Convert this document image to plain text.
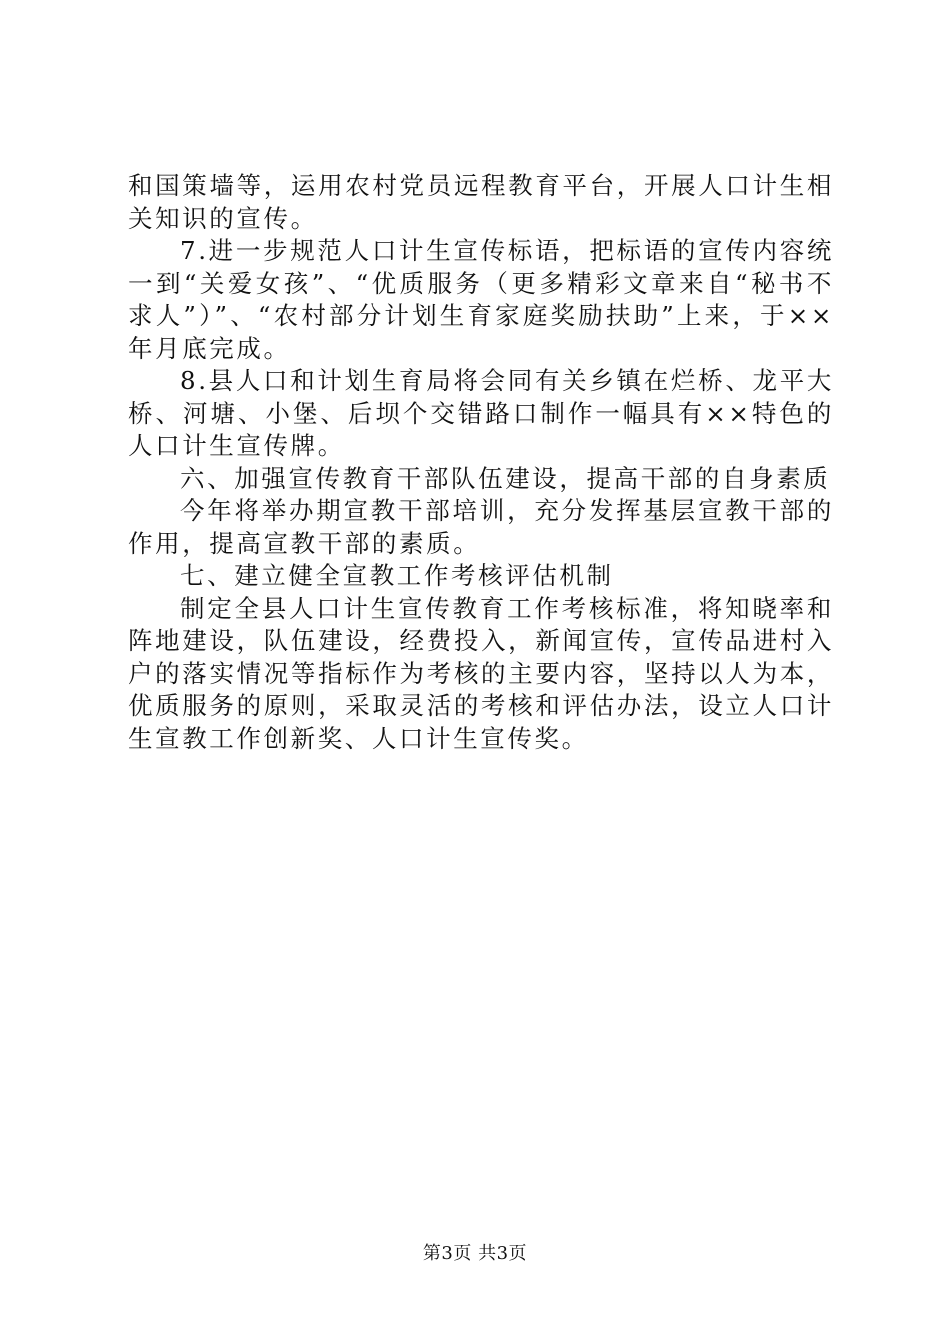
和国策墙等，运用农村党员远程教育平台，开展人口计生相关知识的宣传。

7.进一步规范人口计生宣传标语，把标语的宣传内容统一到“关爱女孩”、“优质服务（更多精彩文章来自“秘书不求人”）”、“农村部分计划生育家庭奖励扶助”上来，于××年月底完成。

8.县人口和计划生育局将会同有关乡镇在烂桥、龙平大桥、河塘、小堡、后坝个交错路口制作一幅具有××特色的人口计生宣传牌。

六、加强宣传教育干部队伍建设，提高干部的自身素质

今年将举办期宣教干部培训，充分发挥基层宣教干部的作用，提高宣教干部的素质。

七、建立健全宣教工作考核评估机制

制定全县人口计生宣传教育工作考核标准，将知晓率和阵地建设，队伍建设，经费投入，新闻宣传，宣传品进村入户的落实情况等指标作为考核的主要内容，坚持以人为本，优质服务的原则，采取灵活的考核和评估办法，设立人口计生宣教工作创新奖、人口计生宣传奖。

第3页 共3页
